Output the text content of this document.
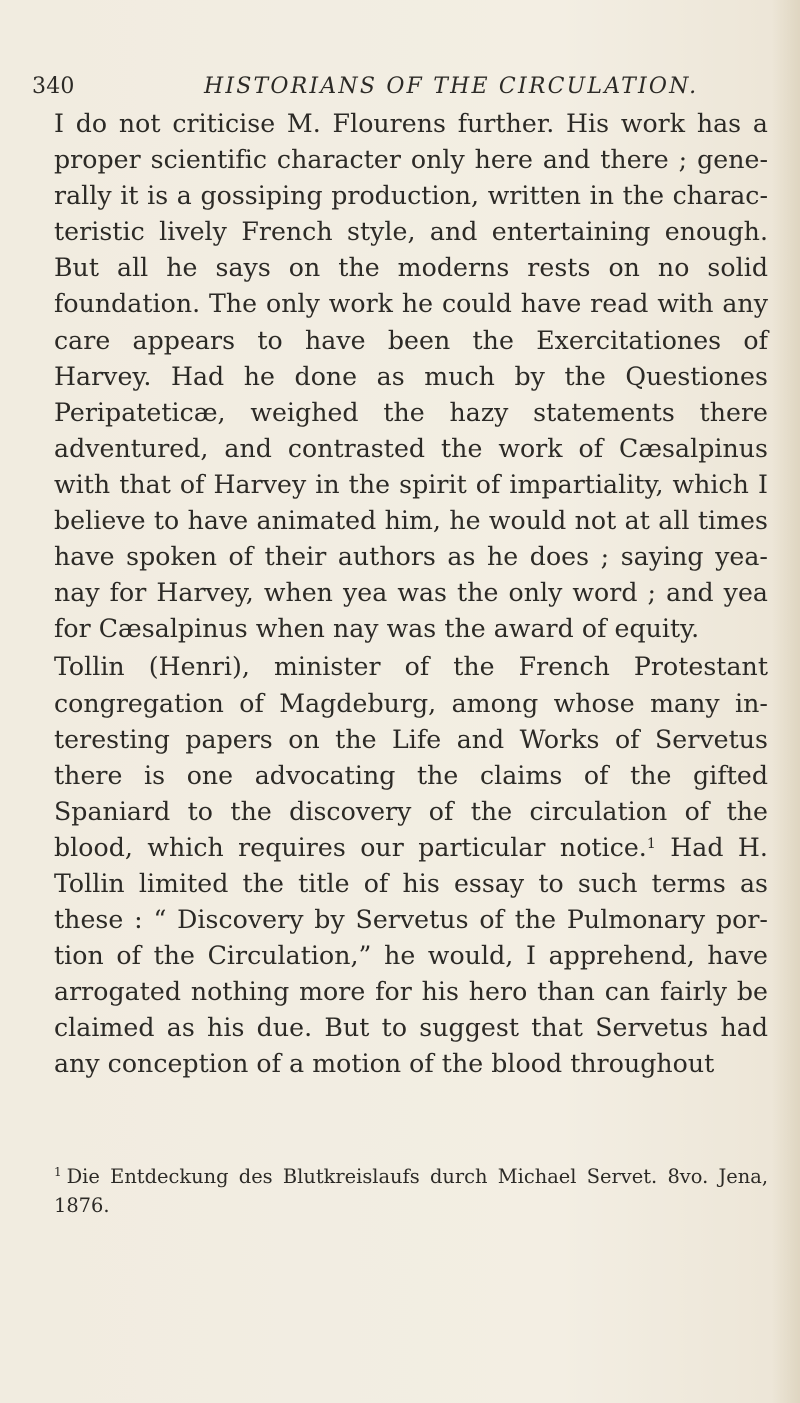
340	HISTORIANS OF THE CIRCULATION.

I do not criticise M. Flourens further. His work has a proper scientific character only here and there ; gene-rally it is a gossiping production, written in the charac-teristic lively French style, and entertaining enough. But all he says on the moderns rests on no solid foundation. The only work he could have read with any care appears to have been the Exercitationes of Harvey. Had he done as much by the Questiones Peripateticæ, weighed the hazy statements there adventured, and contrasted the work of Cæsalpinus with that of Harvey in the spirit of impartiality, which I believe to have animated him, he would not at all times have spoken of their authors as he does ; saying yea-nay for Harvey, when yea was the only word ; and yea for Cæsalpinus when nay was the award of equity.

Tollin (Henri), minister of the French Protestant congregation of Magdeburg, among whose many in-teresting papers on the Life and Works of Servetus there is one advocating the claims of the gifted Spaniard to the discovery of the circulation of the blood, which requires our particular notice.$^1$ Had H. Tollin limited the title of his essay to such terms as these : “ Discovery by Servetus of the Pulmonary por-tion of the Circulation,” he would, I apprehend, have arrogated nothing more for his hero than can fairly be claimed as his due. But to suggest that Servetus had any conception of a motion of the blood throughout

$^1$ Die Entdeckung des Blutkreislaufs durch Michael Servet. 8vo. Jena, 1876.
